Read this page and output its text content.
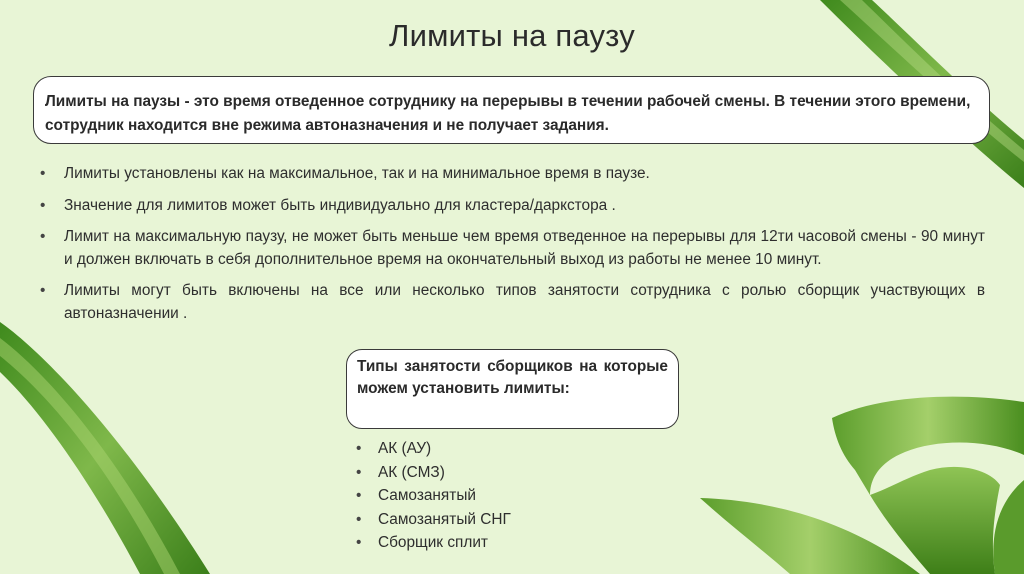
Лимиты на паузу
Лимиты на паузы - это время отведенное сотруднику на перерывы в течении рабочей смены. В течении этого времени, сотрудник находится вне режима автоназначения и не получает задания.
• Лимиты установлены как на максимальное, так и на минимальное время в паузе.
• Значение для лимитов может быть индивидуально для кластера/даркстора .
• Лимит на максимальную паузу, не может быть меньше чем время отведенное на перерывы для 12ти часовой смены - 90 минут и должен включать в себя дополнительное время на окончательный выход из работы не менее 10 минут.
• Лимиты могут быть включены на все или несколько типов занятости сотрудника с ролью сборщик участвующих в автоназначении .
Типы занятости сборщиков на которые можем установить лимиты:
• АК (АУ)
• АК (СМЗ)
• Самозанятый
• Самозанятый СНГ
• Сборщик сплит
